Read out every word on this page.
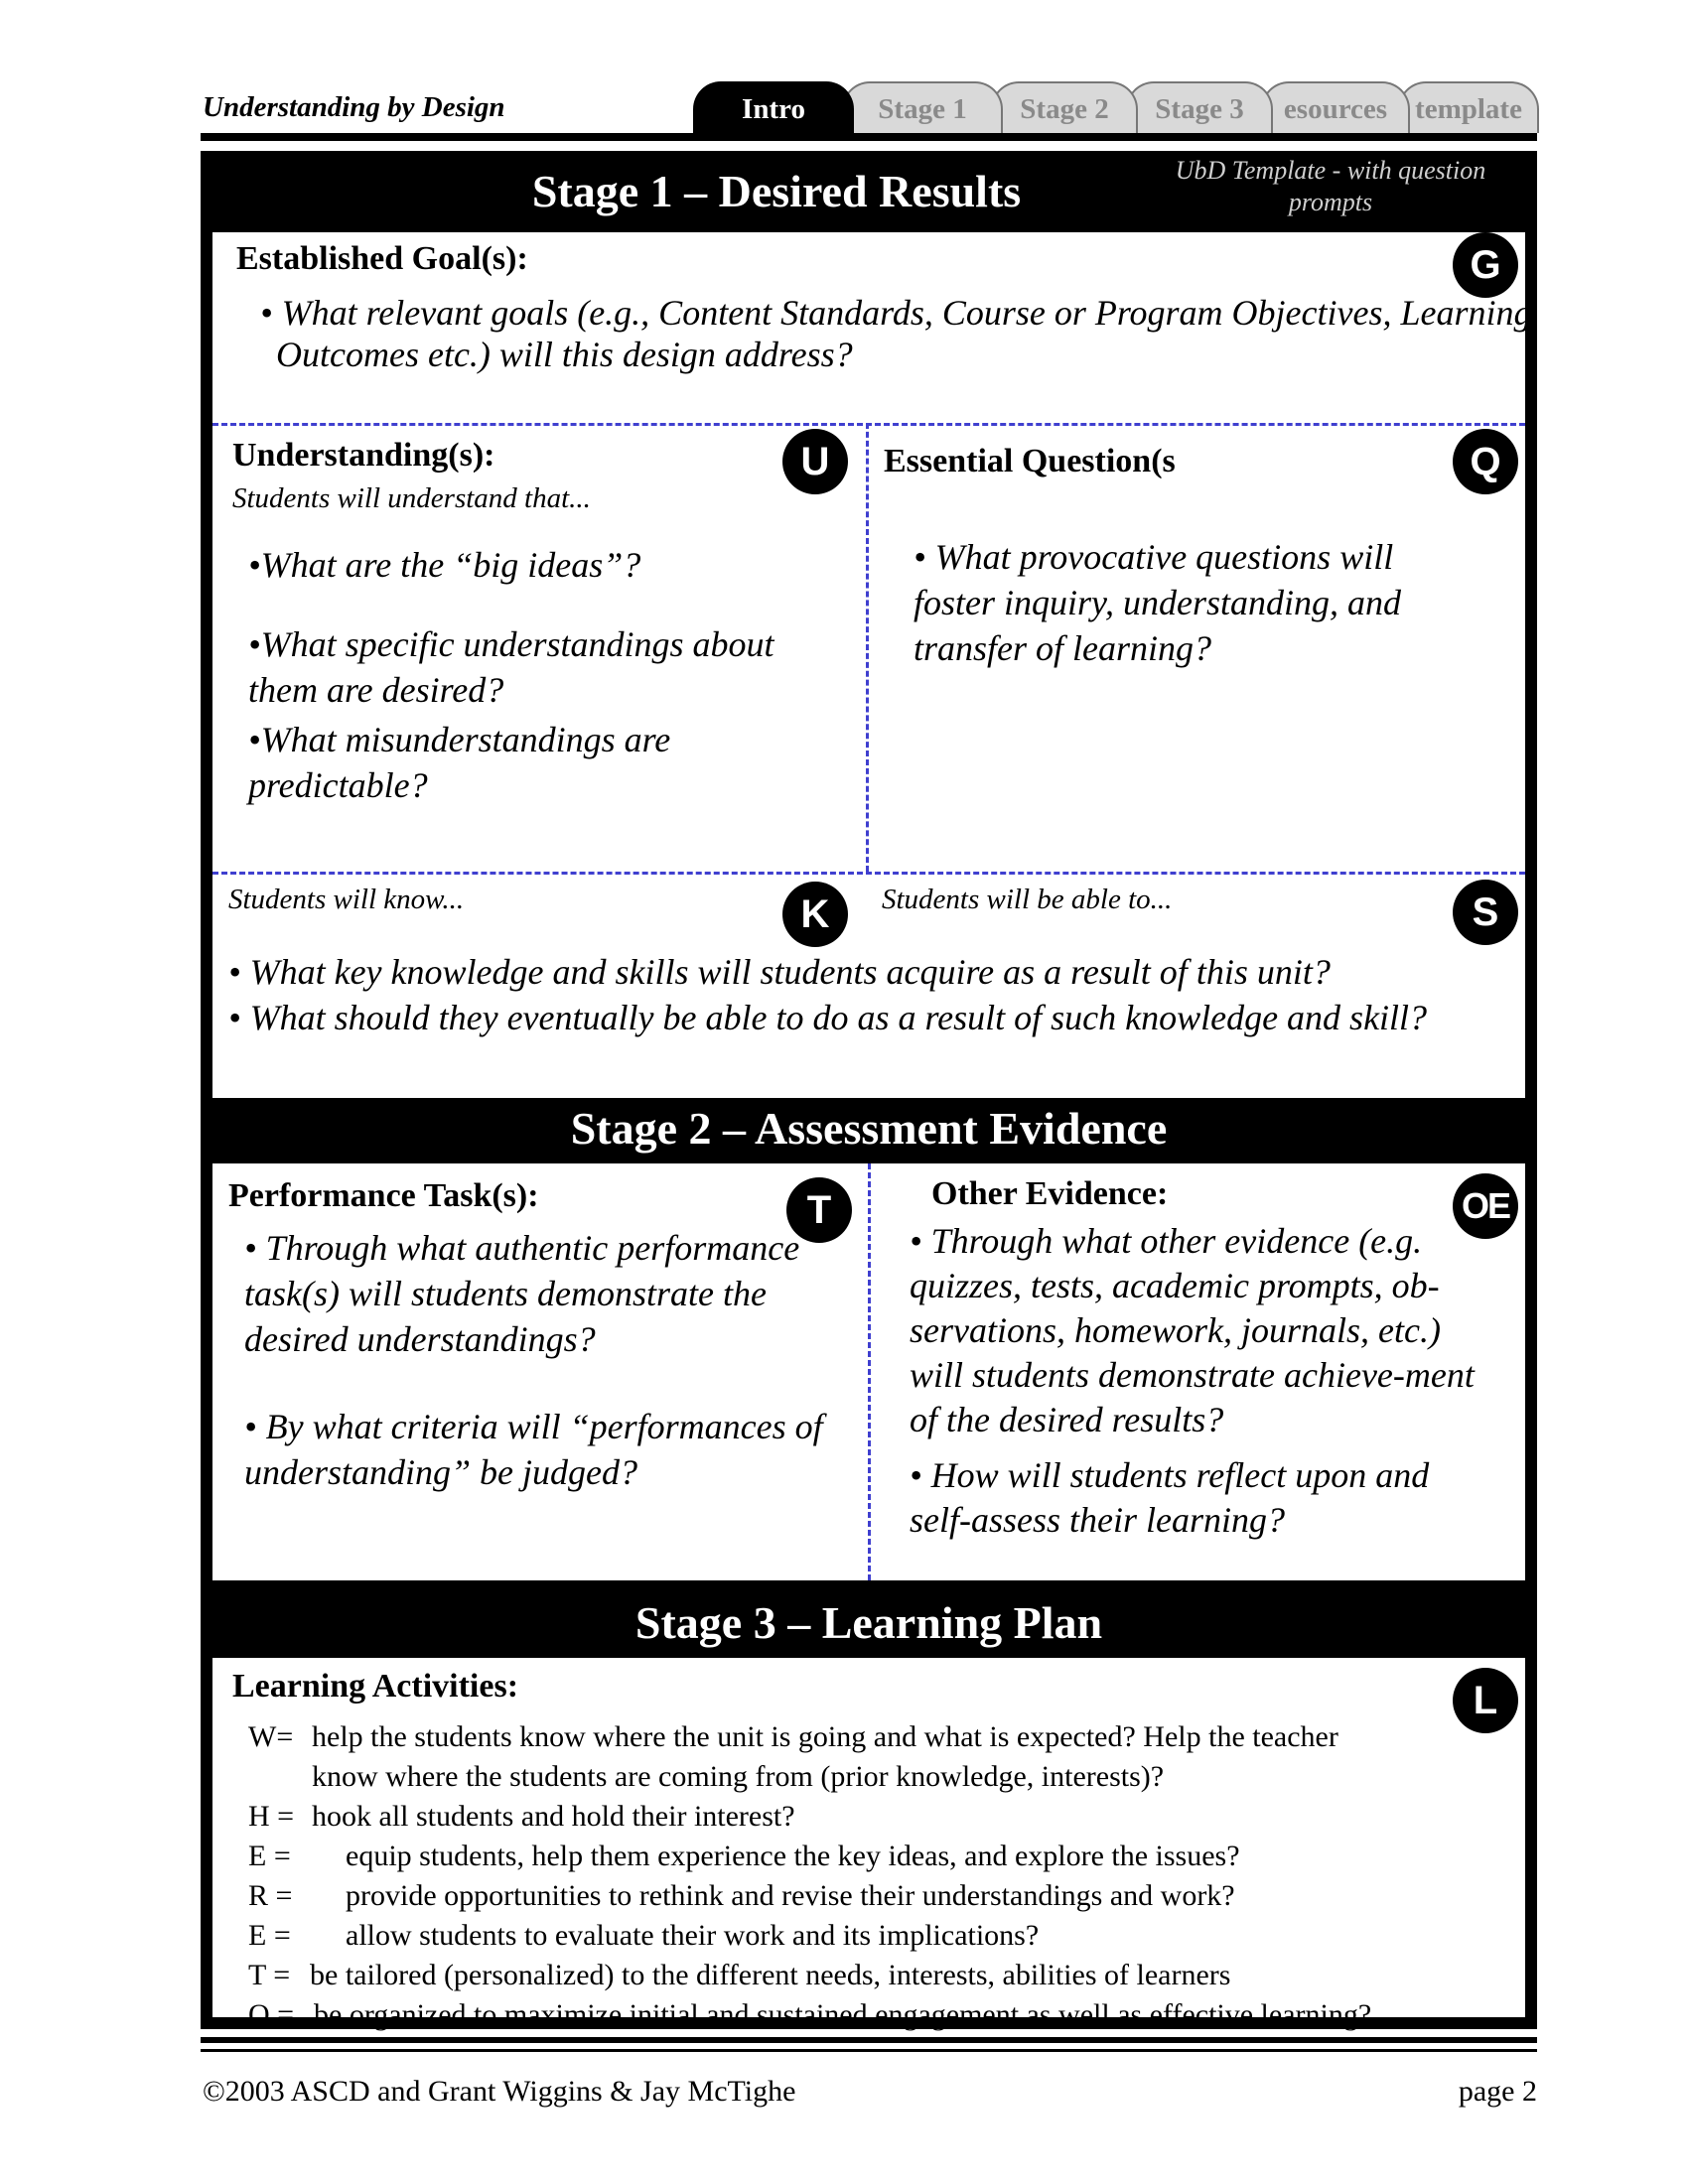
Understanding by Design	template
esources
Stage 3
Stage 2
Stage 1
Intro
Stage 1 – Desired Results	UbD Template - with question prompts
Established Goal(s):	G
• What relevant goals (e.g., Content Standards, Course or Program Objectives, Learning
Outcomes etc.) will this design address?
Understanding(s):	U
Students will understand that...
•What are the “big ideas”?
•What specific understandings about them are desired?
•What misunderstandings are predictable?
Essential Question(s	Q
• What provocative questions will foster inquiry, understanding, and transfer of learning?
Students will know...	K	Students will be able to...	S
• What key knowledge and skills will students acquire as a result of this unit?
• What should they eventually be able to do as a result of such knowledge and skill?
Stage 2 – Assessment Evidence
Performance Task(s):	T
• Through what authentic performance task(s) will students demonstrate the desired understandings?
• By what criteria will “performances of understanding” be judged?
Other Evidence:	OE
• Through what other evidence (e.g. quizzes, tests, academic prompts, ob-servations, homework, journals, etc.) will students demonstrate achieve-ment of the desired results?
• How will students reflect upon and self-assess their learning?
Stage 3 – Learning Plan
Learning Activities:	L
W= help the students know where the unit is going and what is expected? Help the teacher
know where the students are coming from (prior knowledge, interests)?
H = hook all students and hold their interest?
E = equip students, help them experience the key ideas, and explore the issues?
R = provide opportunities to rethink and revise their understandings and work?
E = allow students to evaluate their work and its implications?
T = be tailored (personalized) to the different needs, interests, abilities of learners
O = be organized to maximize initial and sustained engagement as well as effective learning?
©2003 ASCD and Grant Wiggins & Jay McTighe	page 2
